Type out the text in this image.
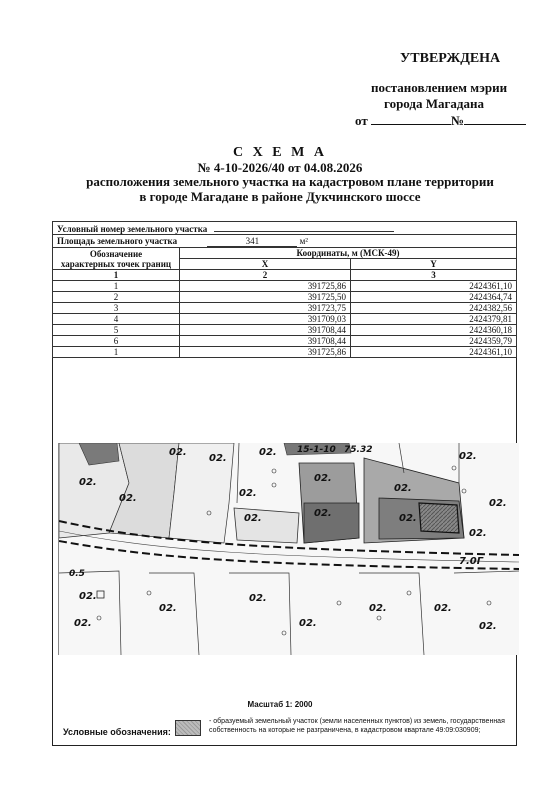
УТВЕРЖДЕНА
постановлением мэрии
города Магадана
от	№
С Х Е М А
№ 4-10-2026/40 от 04.08.2026
расположения земельного участка на кадастровом плане территории
в городе Магадане в районе Дукчинского шоссе
Условный номер земельного участка		
Площадь земельного участка 341 м²		

Обозначение
характерных точек границ	Координаты, м (МСК-49)	
	X	Y
1	2	3
1	391725,86	2424361,10
2	391725,50	2424364,74
3	391723,75	2424382,56
4	391709,03	2424379,81
5	391708,44	2424360,18
6	391708,44	2424359,79
1	391725,86	2424361,10
02.
02.
02.
02.
02.
02.
02.
02.	02.
02.
02.
02.
02.
02.
02.
02.
02.
02.
02.
02.	02.
02.
7.0Г
15-1-10 75.32
0.5
Масштаб 1: 2000
Условные обозначения:
- образуемый земельный участок (земли населенных пунктов) из земель, государственная собственность на которые не разграничена, в кадастровом квартале 49:09:030909;
